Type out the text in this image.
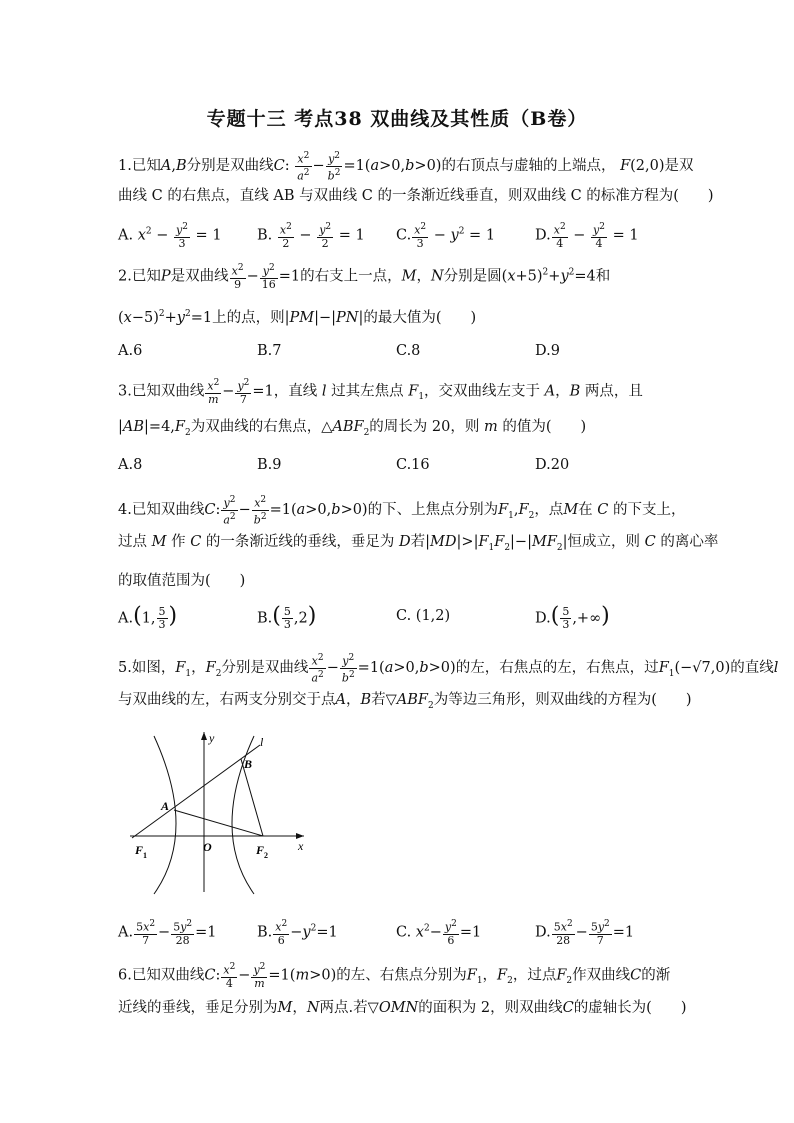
专题十三 考点38 双曲线及其性质（B卷）
1.已知A,B分别是双曲线C: $\frac{x^2}{a^2} - \frac{y^2}{b^2} =1(a>0,b>0)$的右顶点与虚轴的上端点， F(2,0)是双
曲线 C 的右焦点，直线 AB 与双曲线 C 的一条渐近线垂直，则双曲线 C 的标准方程为(　　)
A. $x^2 - \frac{y^2}{3} = 1$ B. $\frac{x^2}{2} - \frac{y^2}{2} = 1$ C. $\frac{x^2}{3} - y^2 = 1$	D. $\frac{x^2}{4} - \frac{y^2}{4} = 1$
2.已知P是双曲线 $\frac{x^2}{9} - \frac{y^2}{16} =1$的右支上一点，M，N分别是圆$(x+5)^2+y^2=4$和
$(x-5)^2+y^2=1$上的点，则|PM|−|PN|的最大值为(　　)
A.6	B.7	C.8	D.9
3.已知双曲线 $\frac{x^2}{m} - \frac{y^2}{7} =1$，直线 l 过其左焦点 $F_1$，交双曲线左支于 A，B 两点，且
$|AB|=4,F_2$为双曲线的右焦点，$\triangle ABF_2$的周长为 20，则 m 的值为(　　)
A.8	B.9	C.16	D.20
4.已知双曲线C: $\frac{y^2}{a^2} - \frac{x^2}{b^2} =1(a>0,b>0)$的下、上焦点分别为$F_1,F_2$，点M在 C 的下支上，
过点 M 作 C 的一条渐近线的垂线，垂足为 D若$|MD|>|F_1F_2|-|MF_2|$恒成立，则 C 的离心率
的取值范围为(　　)
A.(1, $\frac{5}{3}$ )	$B.( \frac{5}{3} ,2)$	C. (1,2)	$D.( \frac{5}{3}$ ,+∞)
5.如图，$F_1$，$F_2$分别是双曲线 $\frac{x^2}{a^2} - \frac{y^2}{b^2} =1(a>0,b>0)$的左，右焦点的左，右焦点，过$F_1(-√7,0)$的直线l
与双曲线的左，右两支分别交于点A，B若$▽ABF_2$为等边三角形，则双曲线的方程为(　　)
y	l
B
A
O
F 1	F 2
x
A. $\frac{5x^2}{7} - \frac{5y^2}{28} =1$	B. $\frac{x^2}{6} -y^2=1$	C. $x^2- \frac{y^2}{6} =1$	D. $\frac{5x^2}{28} - \frac{5y^2}{7} =1$
6.已知双曲线C: $\frac{x^2}{4} - \frac{y^2}{m} =1(m>0)$的左、右焦点分别为$F_1$，$F_2$，过点$F_2$作双曲线C的渐
近线的垂线，垂足分别为M，N两点.若▽OMN的面积为 2，则双曲线C的虚轴长为(　　)
